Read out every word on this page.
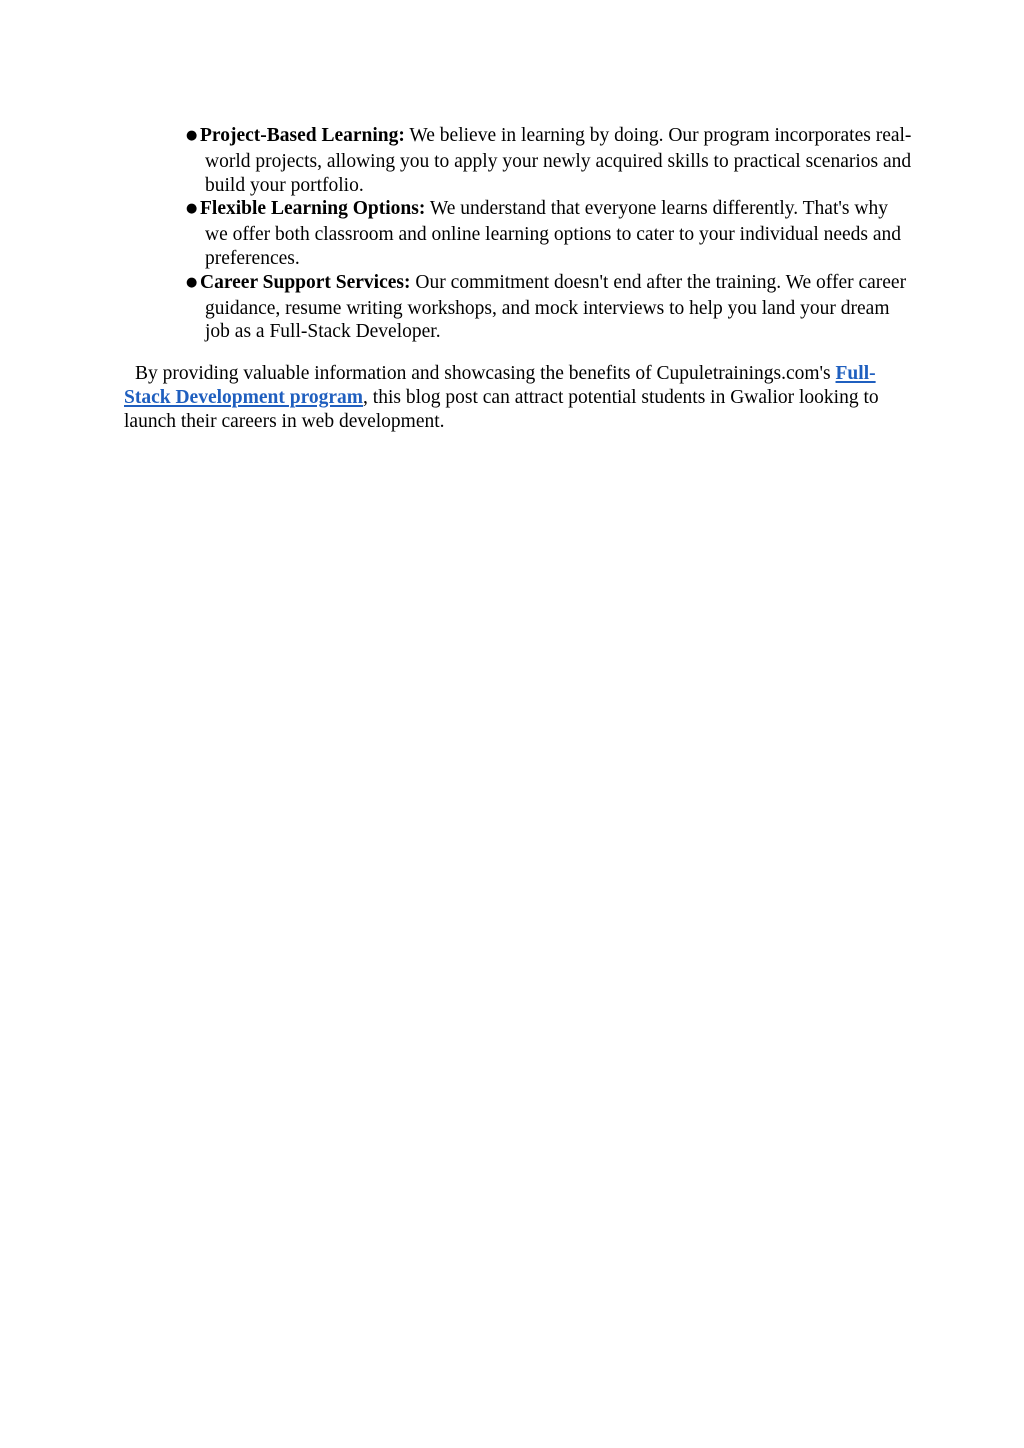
● Project-Based Learning: We believe in learning by doing. Our program incorporates real-world projects, allowing you to apply your newly acquired skills to practical scenarios and build your portfolio.
● Flexible Learning Options: We understand that everyone learns differently. That's why we offer both classroom and online learning options to cater to your individual needs and preferences.
● Career Support Services: Our commitment doesn't end after the training. We offer career guidance, resume writing workshops, and mock interviews to help you land your dream job as a Full-Stack Developer.

By providing valuable information and showcasing the benefits of Cupuletrainings.com's Full-Stack Development program, this blog post can attract potential students in Gwalior looking to launch their careers in web development.
